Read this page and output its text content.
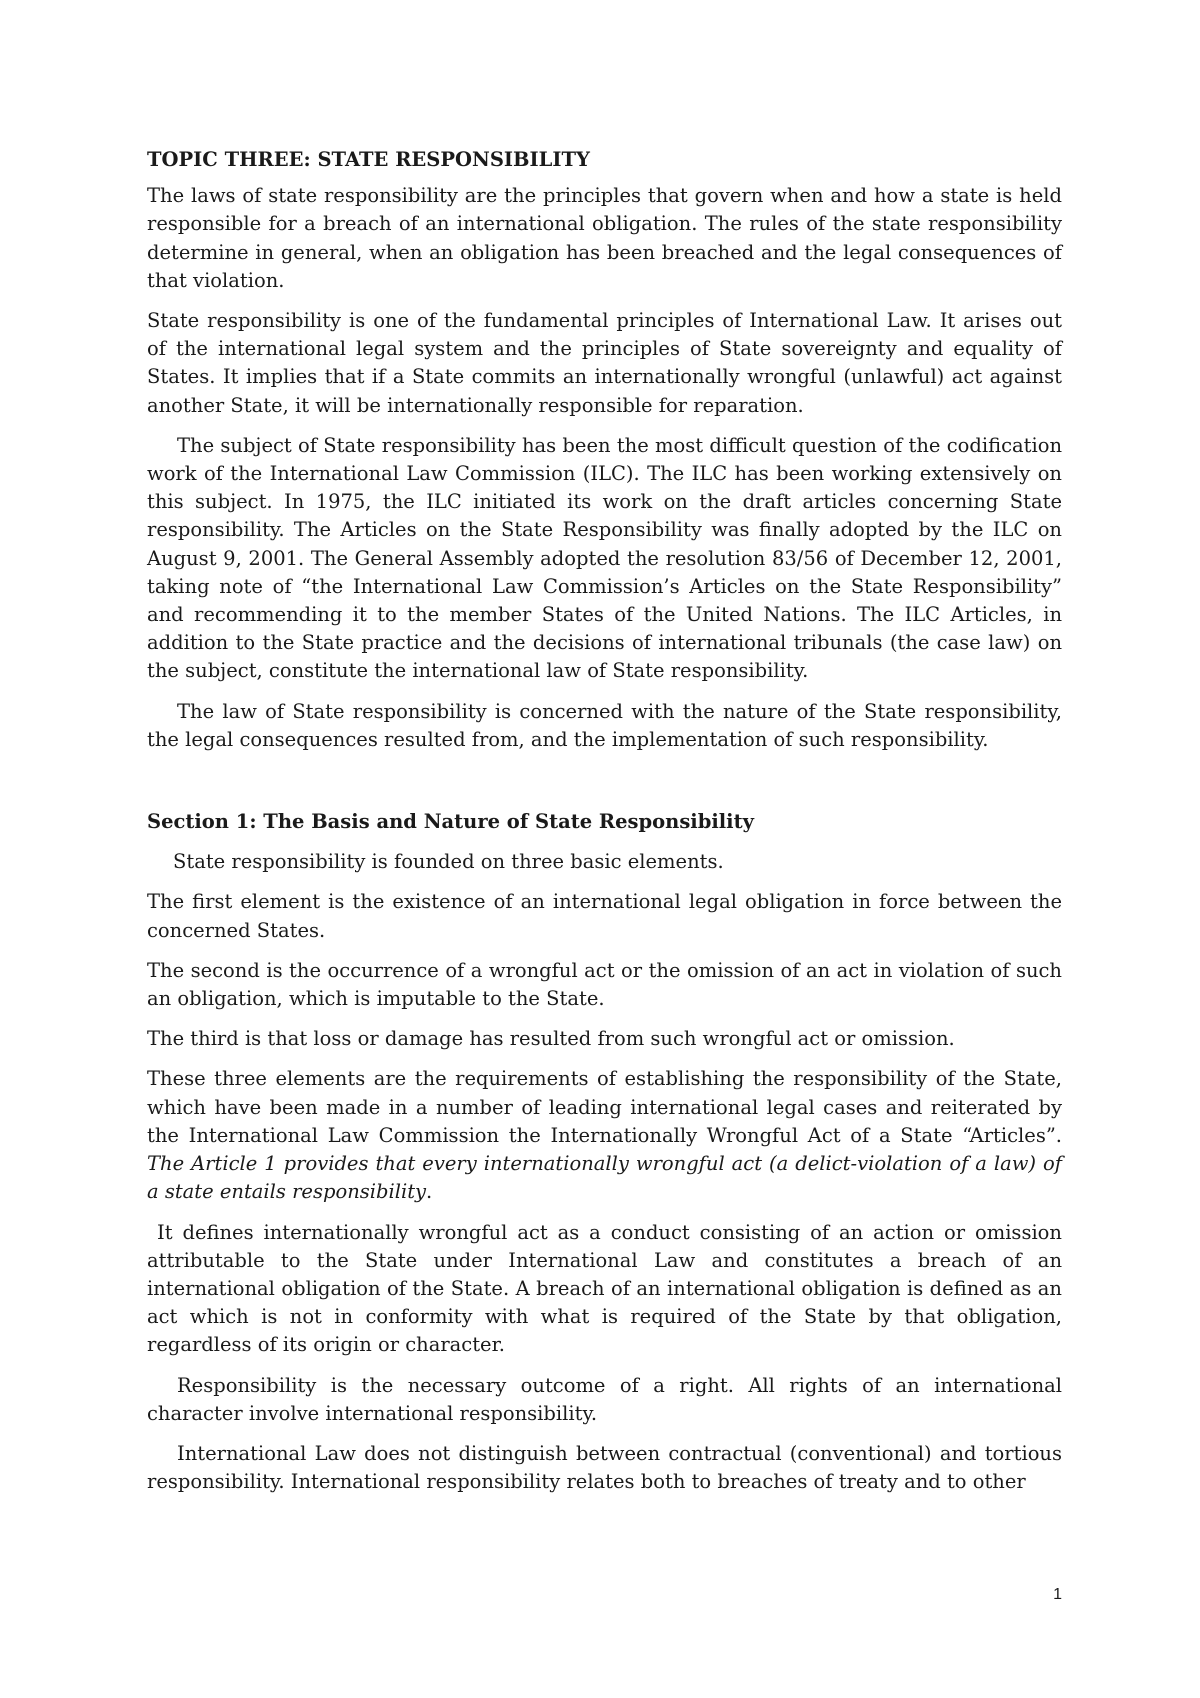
TOPIC THREE: STATE RESPONSIBILITY

The laws of state responsibility are the principles that govern when and how a state is held responsible for a breach of an international obligation. The rules of the state responsibility determine in general, when an obligation has been breached and the legal consequences of that violation.

State responsibility is one of the fundamental principles of International Law. It arises out of the international legal system and the principles of State sovereignty and equality of States. It implies that if a State commits an internationally wrongful (unlawful) act against another State, it will be internationally responsible for reparation.

The subject of State responsibility has been the most difficult question of the codification work of the International Law Commission (ILC). The ILC has been working extensively on this subject. In 1975, the ILC initiated its work on the draft articles concerning State responsibility. The Articles on the State Responsibility was finally adopted by the ILC on August 9, 2001. The General Assembly adopted the resolution 83/56 of December 12, 2001, taking note of “the International Law Commission’s Articles on the State Responsibility” and recommending it to the member States of the United Nations. The ILC Articles, in addition to the State practice and the decisions of international tribunals (the case law) on the subject, constitute the international law of State responsibility.

The law of State responsibility is concerned with the nature of the State responsibility, the legal consequences resulted from, and the implementation of such responsibility.

Section 1: The Basis and Nature of State Responsibility

State responsibility is founded on three basic elements.

The first element is the existence of an international legal obligation in force between the concerned States.

The second is the occurrence of a wrongful act or the omission of an act in violation of such an obligation, which is imputable to the State.

The third is that loss or damage has resulted from such wrongful act or omission.

These three elements are the requirements of establishing the responsibility of the State, which have been made in a number of leading international legal cases and reiterated by the International Law Commission the Internationally Wrongful Act of a State “Articles”. The Article 1 provides that every internationally wrongful act (a delict-violation of a law) of a state entails responsibility.

It defines internationally wrongful act as a conduct consisting of an action or omission attributable to the State under International Law and constitutes a breach of an international obligation of the State. A breach of an international obligation is defined as an act which is not in conformity with what is required of the State by that obligation, regardless of its origin or character.

Responsibility is the necessary outcome of a right. All rights of an international character involve international responsibility.

International Law does not distinguish between contractual (conventional) and tortious responsibility. International responsibility relates both to breaches of treaty and to other

1
